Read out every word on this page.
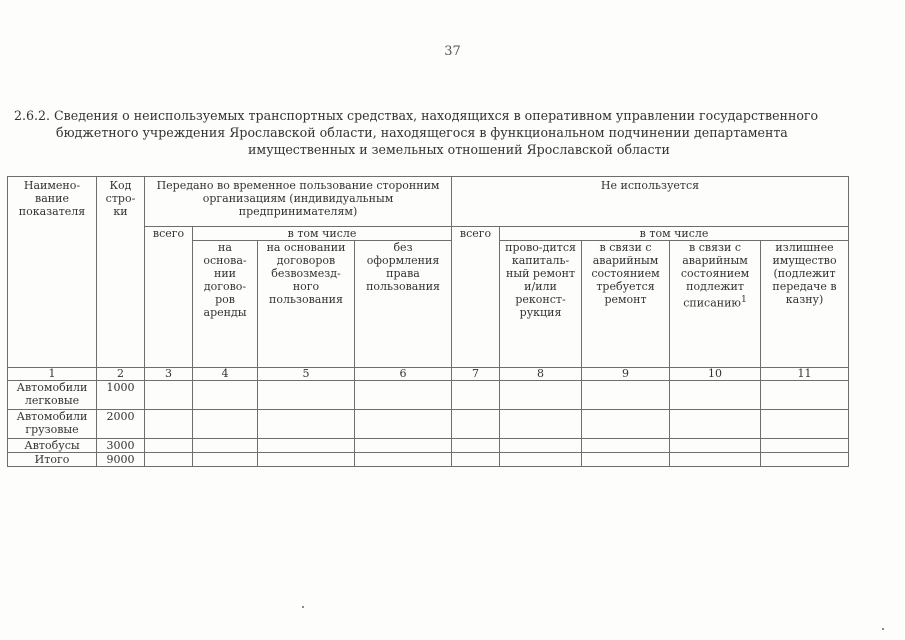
37
2.6.2. Сведения о неиспользуемых транспортных средствах, находящихся в оперативном управлении государственного
бюджетного учреждения Ярославской области, находящегося в функциональном подчинении департамента
имущественных и земельных отношений Ярославской области
Наимено-вание показателя	Код стро-ки	Передано во временное пользование сторонним организациям (индивидуальным предпринимателям)				Не используется				
		всего	в том числе			всего	в том числе			
			на основа-нии догово-ров аренды	на основании договоров безвозмезд-ного пользования	без оформления права пользования		прово-дится капиталь-ный ремонт и/или реконст-рукция	в связи с аварийным состоянием требуется ремонт	в связи с аварийным состоянием подлежит списанию$^1$	излишнее имущество (подлежит передаче в казну)
1	2	3	4	5	6	7	8	9	10	11
Автомобили легковые	1000									
Автомобили грузовые	2000									
Автобусы	3000									
Итого	9000									
